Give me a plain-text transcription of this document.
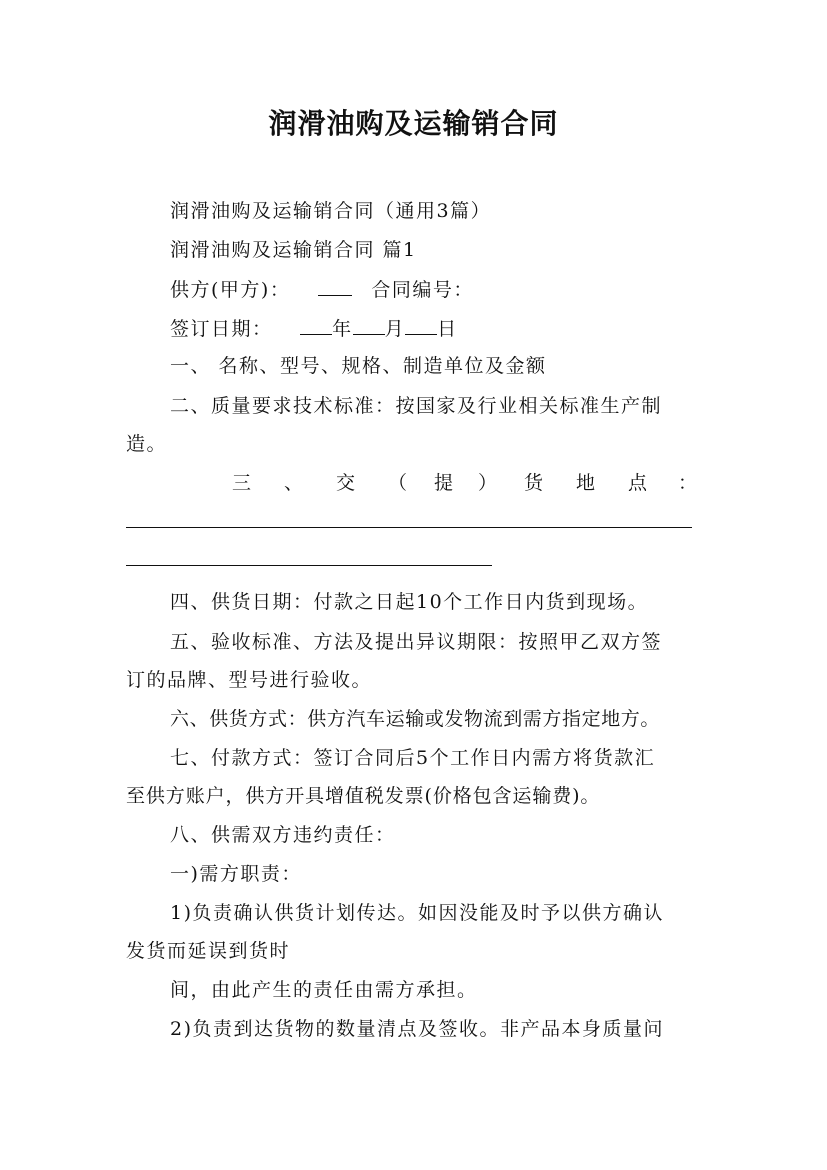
润滑油购及运输销合同
润滑油购及运输销合同（通用3篇）
润滑油购及运输销合同 篇1
供方(甲方)：	合同编号：
签订日期：	年 月 日
一、 名称、型号、规格、制造单位及金额
二、质量要求技术标准：按国家及行业相关标准生产制
造。
三 、 交 （ 提 ） 货 地 点 ：
四、供货日期：付款之日起10个工作日内货到现场。
五、验收标准、方法及提出异议期限：按照甲乙双方签
订的品牌、型号进行验收。
六、供货方式：供方汽车运输或发物流到需方指定地方。
七、付款方式：签订合同后5个工作日内需方将货款汇
至供方账户，供方开具增值税发票(价格包含运输费)。
八、供需双方违约责任：
一)需方职责：
1)负责确认供货计划传达。如因没能及时予以供方确认
发货而延误到货时
间，由此产生的责任由需方承担。
2)负责到达货物的数量清点及签收。非产品本身质量问
